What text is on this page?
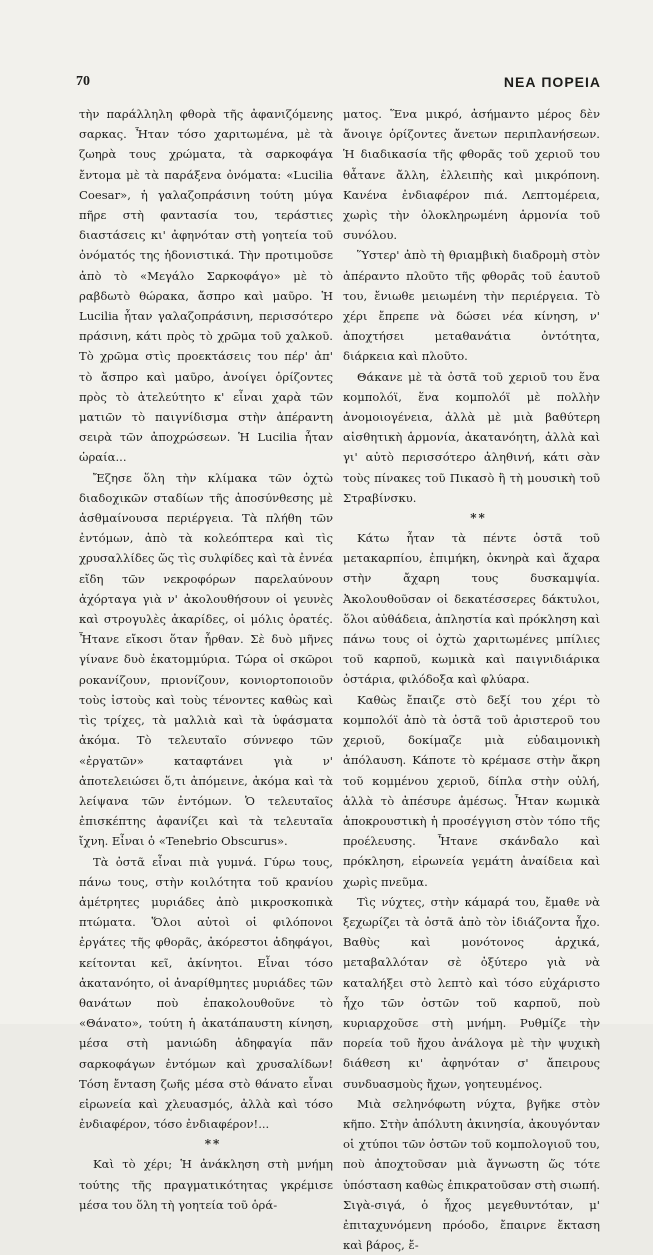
70	ΝΕΑ ΠΟΡΕΙΑ

τὴν παράλληλη φθορὰ τῆς ἀφανιζόμενης σαρκας. Ἦταν τόσο χαριτωμένα, μὲ τὰ ζωηρὰ τους χρώματα, τὰ σαρκοφάγα ἔντομα μὲ τὰ παράξενα ὀνόματα: «Lucilia Coesar», ἡ γαλαζοπράσινη τούτη μύγα πῆρε στὴ φαντασία του, τεράστιες διαστάσεις κι' ἀφηνόταν στὴ γοητεία τοῦ ὀνόματός της ἡδονιστικά. Τὴν προτιμοῦσε ἀπὸ τὸ «Μεγάλο Σαρκοφάγο» μὲ τὸ ραβδωτὸ θώρακα, ἄσπρο καὶ μαῦρο. Ἡ Lucilia ἦταν γαλαζοπράσινη, περισσότερο πράσινη, κάτι πρὸς τὸ χρῶμα τοῦ χαλκοῦ. Τὸ χρῶμα στὶς προεκτάσεις του πέρ' ἀπ' τὸ ἄσπρο καὶ μαῦρο, ἀνοίγει ὁρίζοντες πρὸς τὸ ἀτελεύτητο κ' εἶναι χαρὰ τῶν ματιῶν τὸ παιγνίδισμα στὴν ἀπέραντη σειρὰ τῶν ἀποχρώσεων. Ἡ Lucilia ἦταν ὡραία...

Ἔζησε ὅλη τὴν κλίμακα τῶν ὀχτὼ διαδοχικῶν σταδίων τῆς ἀποσύνθεσης μὲ ἀσθμαίνουσα περιέργεια. Τὰ πλήθη τῶν ἐντόμων, ἀπὸ τὰ κολεόπτερα καὶ τὶς χρυσαλλίδες ὥς τὶς συλφίδες καὶ τὰ ἐννέα εἴδη τῶν νεκροφόρων παρελαύνουν ἀχόρταγα γιὰ ν' ἀκολουθήσουν οἱ γευνὲς καὶ στρογυλὲς ἀκαρίδες, οἱ μόλις ὁρατές. Ἦτανε εἴκοσι ὅταν ἦρθαν. Σὲ δυὸ μῆνες γίνανε δυὸ ἑκατομμύρια. Τώρα οἱ σκῶροι ροκανίζουν, πριονίζουν, κονιορτοποιοῦν τοὺς ἰστοὺς καὶ τοὺς τένοντες καθὼς καὶ τὶς τρίχες, τὰ μαλλιὰ καὶ τὰ ὑφάσματα ἀκόμα. Τὸ τελευταῖο σύννεφο τῶν «ἐργατῶν» καταφτάνει γιὰ ν' ἀποτελειώσει ὅ,τι ἀπόμεινε, ἀκόμα καὶ τὰ λείψανα τῶν ἐντόμων. Ὁ τελευταῖος ἐπισκέπτης ἀφανίζει καὶ τὰ τελευταῖα ἴχνη. Εἶναι ὁ «Tenebrio Obscurus».

Τὰ ὀστᾶ εἶναι πιὰ γυμνά. Γύρω τους, πάνω τους, στὴν κοιλότητα τοῦ κρανίου ἀμέτρητες μυριάδες ἀπὸ μικροσκοπικὰ πτώματα. Ὅλοι αὐτοὶ οἱ φιλόπονοι ἐργάτες τῆς φθορᾶς, ἀκόρεστοι ἀδηφάγοι, κείτονται κεῖ, ἀκίνητοι. Εἶναι τόσο ἀκατανόητο, οἱ ἀναρίθμητες μυριάδες τῶν θανάτων ποὺ ἐπακολουθοῦνε τὸ «Θάνατο», τούτη ἡ ἀκατάπαυστη κίνηση, μέσα στὴ μανιώδη ἀδηφαγία πᾶν σαρκοφάγων ἐντόμων καὶ χρυσαλίδων! Τόση ἔνταση ζωῆς μέσα στὸ θάνατο εἶναι εἰρωνεία καὶ χλευασμός, ἀλλὰ καὶ τόσο ἐνδιαφέρον, τόσο ἐνδιαφέρον!...

**

Καὶ τὸ χέρι; Ἡ ἀνάκληση στὴ μνήμη τούτης τῆς πραγματικότητας γκρέμισε μέσα του ὅλη τὴ γοητεία τοῦ ὁρά-

ματος. Ἕνα μικρό, ἀσήμαντο μέρος δὲν ἄνοιγε ὁρίζοντες ἄνετων περιπλανήσεων. Ἡ διαδικασία τῆς φθορᾶς τοῦ χεριοῦ του θἆτανε ἄλλη, ἐλλειπὴς καὶ μικρόπονη. Κανένα ἐνδιαφέρον πιά. Λεπτομέρεια, χωρὶς τὴν ὁλοκληρωμένη ἁρμονία τοῦ συνόλου.

Ὕστερ' ἀπὸ τὴ θριαμβικὴ διαδρομὴ στὸν ἀπέραντο πλοῦτο τῆς φθορᾶς τοῦ ἑαυτοῦ του, ἔνιωθε μειωμένη τὴν περιέργεια. Τὸ χέρι ἔπρεπε νὰ δώσει νέα κίνηση, ν' ἀποχτήσει μεταθανάτια ὀντότητα, διάρκεια καὶ πλοῦτο.

Θάκανε μὲ τὰ ὀστᾶ τοῦ χεριοῦ του ἕνα κομπολόϊ, ἕνα κομπολόϊ μὲ πολλὴν ἀνομοιογένεια, ἀλλὰ μὲ μιὰ βαθύτερη αἰσθητικὴ ἁρμονία, ἀκατανόητη, ἀλλὰ καὶ γι' αὐτὸ περισσότερο ἀληθινή, κάτι σὰν τοὺς πίνακες τοῦ Πικασὸ ἢ τὴ μουσικὴ τοῦ Στραβίνσκυ.

**

Κάτω ἦταν τὰ πέντε ὀστᾶ τοῦ μετακαρπίου, ἐπιμήκη, ὀκνηρὰ καὶ ἄχαρα στὴν ἄχαρη τους δυσκαμψία. Ἀκολουθοῦσαν οἱ δεκατέσσερες δάκτυλοι, ὅλοι αὐθάδεια, ἀπληστία καὶ πρόκληση καὶ πάνω τους οἱ ὀχτὼ χαριτωμένες μπίλιες τοῦ καρποῦ, κωμικὰ καὶ παιγνιδιάρικα ὀστάρια, φιλόδοξα καὶ φλύαρα.

Καθὼς ἔπαιζε στὸ δεξί του χέρι τὸ κομπολόϊ ἀπὸ τὰ ὀστᾶ τοῦ ἀριστεροῦ του χεριοῦ, δοκίμαζε μιὰ εὐδαιμονικὴ ἀπόλαυση. Κάποτε τὸ κρέμασε στὴν ἄκρη τοῦ κομμένου χεριοῦ, δίπλα στὴν οὐλή, ἀλλὰ τὸ ἀπέσυρε ἀμέσως. Ἦταν κωμικὰ ἀποκρουστικὴ ἡ προσέγγιση στὸν τόπο τῆς προέλευσης. Ἦτανε σκάνδαλο καὶ πρόκληση, εἰρωνεία γεμάτη ἀναίδεια καὶ χωρὶς πνεῦμα.

Τὶς νύχτες, στὴν κάμαρά του, ἔμαθε νὰ ξεχωρίζει τὰ ὀστᾶ ἀπὸ τὸν ἰδιάζοντα ἦχο. Βαθὺς καὶ μονότονος ἀρχικά, μεταβαλλόταν σὲ ὀξύτερο γιὰ νὰ καταλήξει στὸ λεπτὸ καὶ τόσο εὐχάριστο ἦχο τῶν ὀστῶν τοῦ καρποῦ, ποὺ κυριαρχοῦσε στὴ μνήμη. Ρυθμίζε τὴν πορεία τοῦ ἤχου ἀνάλογα μὲ τὴν ψυχικὴ διάθεση κι' ἀφηνόταν σ' ἄπειρους συνδυασμοὺς ἤχων, γοητευμένος.

Μιὰ σεληνόφωτη νύχτα, βγῆκε στὸν κῆπο. Στὴν ἀπόλυτη ἀκινησία, ἀκουγόνταν οἱ χτύποι τῶν ὀστῶν τοῦ κομπολογιοῦ του, ποὺ ἀποχτοῦσαν μιὰ ἄγνωστη ὥς τότε ὑπόσταση καθὼς ἐπικρατοῦσαν στὴ σιωπή. Σιγὰ-σιγά, ὁ ἦχος μεγεθυντόταν, μ' ἐπιταχυνόμενη πρόοδο, ἔπαιρνε ἔκταση καὶ βάρος, ἔ-
